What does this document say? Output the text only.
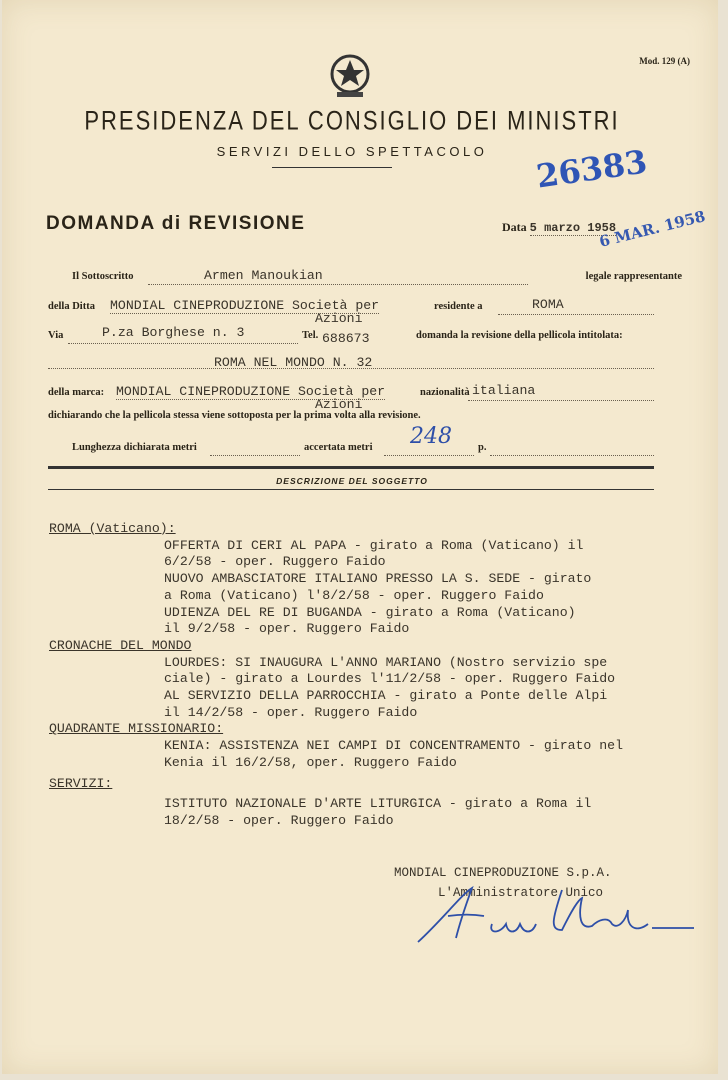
Mod. 129 (A)
PRESIDENZA DEL CONSIGLIO DEI MINISTRI
SERVIZI DELLO SPETTACOLO	26383
DOMANDA di REVISIONE	Data 5 marzo 1958
6 MAR. 1958
Il Sottoscritto	Armen Manoukian	legale rappresentante
della Ditta MONDIAL CINEPRODUZIONE Società per
Azioni
residente a	ROMA
Via	P.za Borghese n. 3	Tel. 688673	domanda la revisione della pellicola intitolata:
ROMA NEL MONDO N. 32
della marca: MONDIAL CINEPRODUZIONE Società per
Azioni
nazionalità italiana
dichiarando che la pellicola stessa viene sottoposta per la prima volta alla revisione.
Lunghezza dichiarata metri	accertata metri 248 p.
DESCRIZIONE DEL SOGGETTO
ROMA (Vaticano):
OFFERTA DI CERI AL PAPA - girato a Roma (Vaticano) il
6/2/58 - oper. Ruggero Faido
NUOVO AMBASCIATORE ITALIANO PRESSO LA S. SEDE - girato
a Roma (Vaticano) l'8/2/58 - oper. Ruggero Faido
UDIENZA DEL RE DI BUGANDA - girato a Roma (Vaticano)
il 9/2/58 - oper. Ruggero Faido
CRONACHE DEL MONDO
LOURDES: SI INAUGURA L'ANNO MARIANO (Nostro servizio spe
ciale) - girato a Lourdes l'11/2/58 - oper. Ruggero Faido
AL SERVIZIO DELLA PARROCCHIA - girato a Ponte delle Alpi
il 14/2/58 - oper. Ruggero Faido
QUADRANTE MISSIONARIO:
KENIA: ASSISTENZA NEI CAMPI DI CONCENTRAMENTO - girato nel
Kenia il 16/2/58, oper. Ruggero Faido
SERVIZI:
ISTITUTO NAZIONALE D'ARTE LITURGICA - girato a Roma il
18/2/58 - oper. Ruggero Faido
MONDIAL CINEPRODUZIONE S.p.A.
L'Amministratore Unico
